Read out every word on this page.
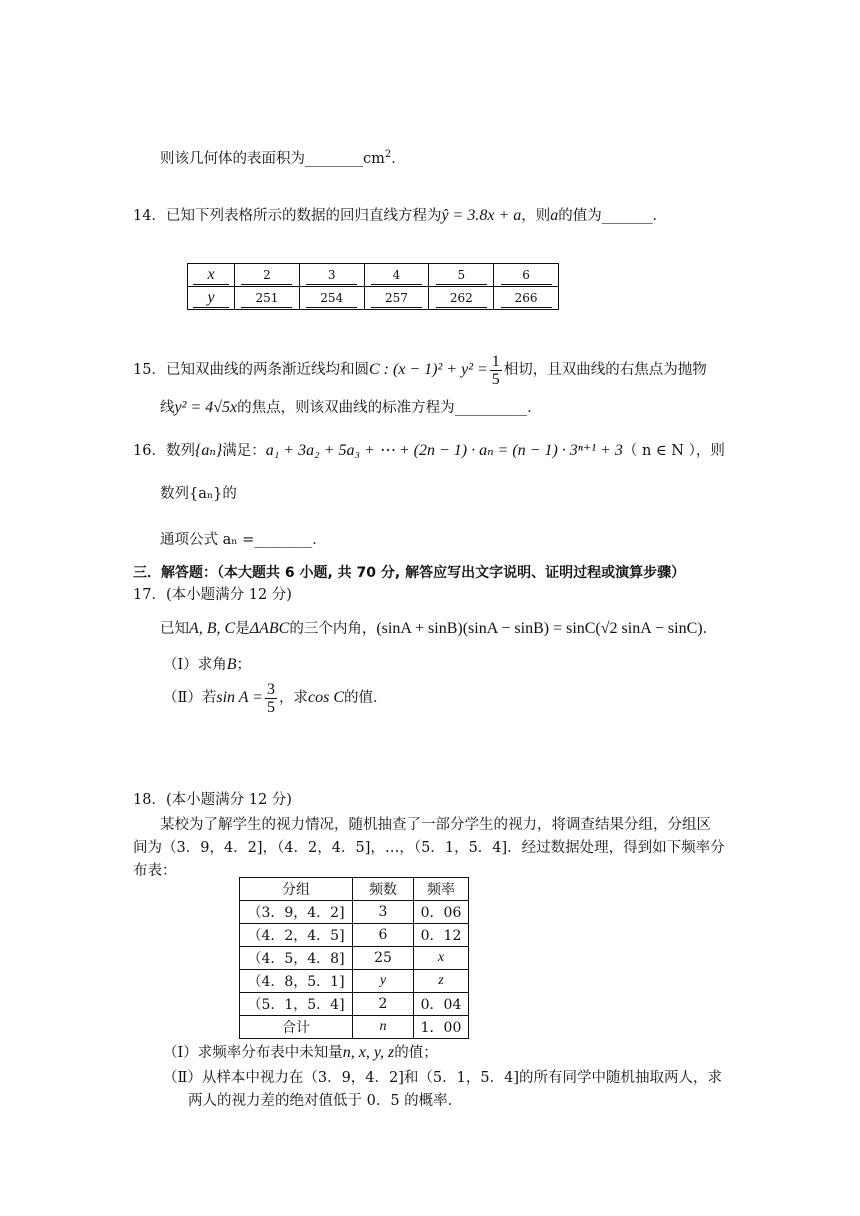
则该几何体的表面积为$\_\_\_\_\_\_\_\_cm^2$．
14．已知下列表格所示的数据的回归直线方程为ŷ = 3.8x + a，则a的值为_______．
x	2	3	4	5	6
y	251	254	257	262	266
15．已知双曲线的两条渐近线均和圆C : $(x - 1)^2 + y^2 = \frac{1}{5}$ 相切，且双曲线的右焦点为抛物
线y² = 4√5x的焦点，则该双曲线的标准方程为__________．
16．数列{aₙ}满足：a₁ + 3a₂ + 5a₃ + ⋯ + (2n − 1) · aₙ = (n − 1) · 3ⁿ⁺¹ + 3（ n ∈ N ），则
数列{aₙ}的
通项公式 aₙ =________．
三．解答题：（本大题共 6 小题, 共 70 分, 解答应写出文字说明、证明过程或演算步骤）
17．(本小题满分 12 分)
已知A, B, C是ΔABC的三个内角，(sinA + sinB)(sinA − sinB) = sinC(√2 sinA − sinC)．
（Ⅰ）求角B；
（Ⅱ）若$\sin A = \frac{3}{5}$ ，求cos C的值．
18．(本小题满分 12 分)
某校为了解学生的视力情况，随机抽查了一部分学生的视力，将调查结果分组，分组区
间为（3．9，4．2]，（4．2，4．5]，…，（5．1，5．4]．经过数据处理，得到如下频率分
布表：
分组	频数	频率
（3．9，4．2]	3	0．06
（4．2，4．5]	6	0．12
（4．5，4．8]	25	x
（4．8，5．1]	y	z
（5．1，5．4]	2	0．04
合计	n	1．00
（Ⅰ）求频率分布表中未知量n, x, y, z的值；
（Ⅱ）从样本中视力在（3．9，4．2]和（5．1，5．4]的所有同学中随机抽取两人，求
两人的视力差的绝对值低于 0．5 的概率．
